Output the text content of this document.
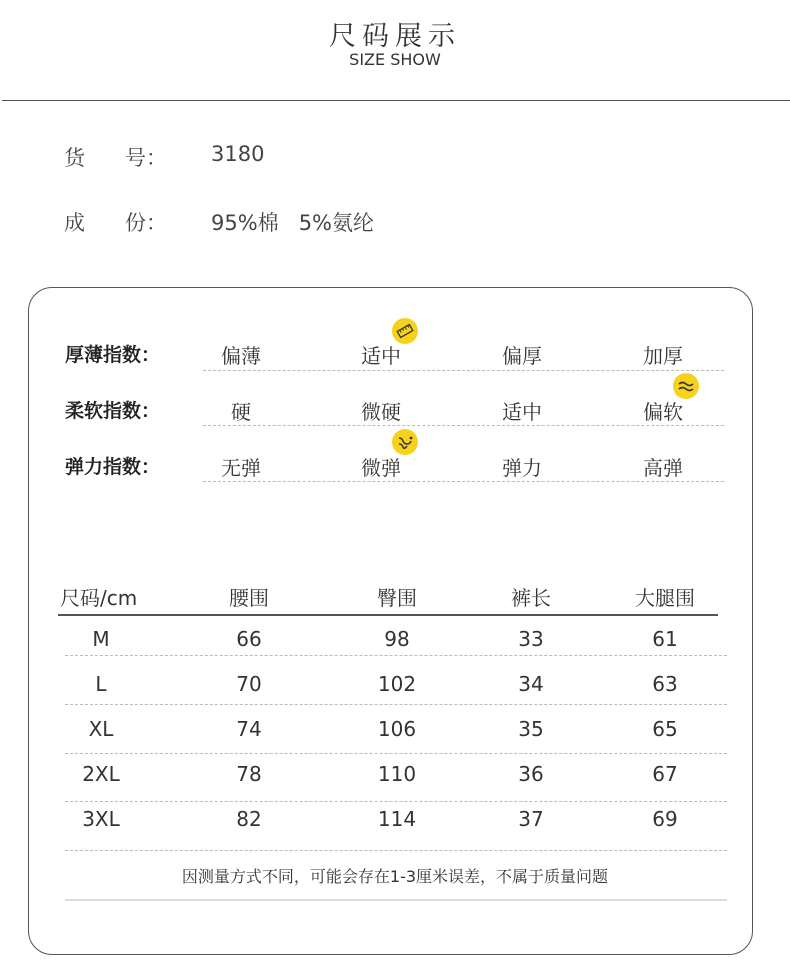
尺码展示
SIZE SHOW
货      号： 3180
成      份： 95%棉   5%氨纶
厚薄指数：	偏薄	适中	偏厚	加厚
柔软指数：	硬	微硬	适中	偏软
弹力指数：	无弹	微弹	弹力	高弹
尺码/cm	腰围	臀围	裤长	大腿围
M	66	98	33	61
L	70	102	34	63
XL	74	106	35	65
2XL	78	110	36	67
3XL	82	114	37	69
因测量方式不同，可能会存在1-3厘米误差，不属于质量问题
